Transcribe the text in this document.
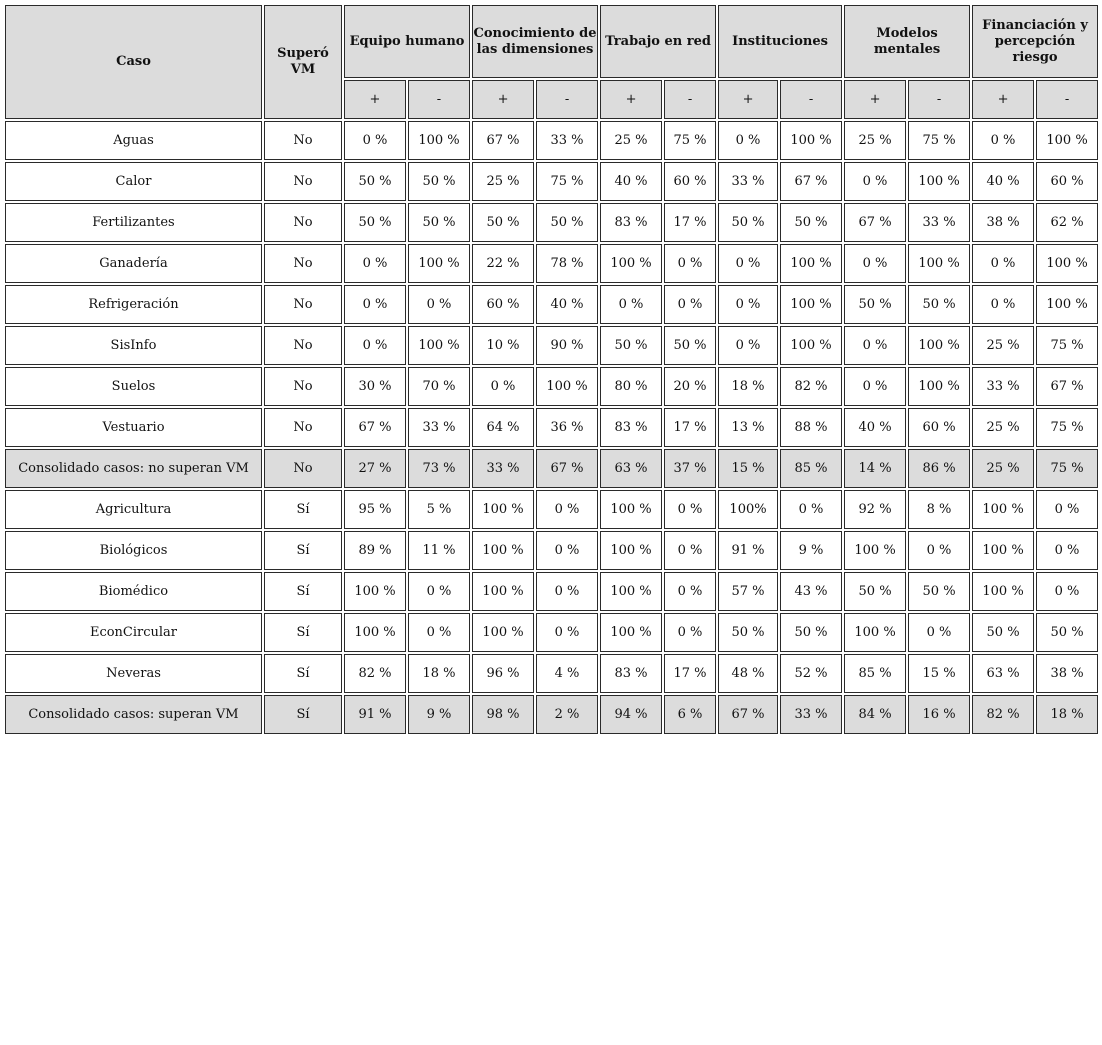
Caso	Superó VM	Equipo humano		Conocimiento de las dimensiones		Trabajo en red		Instituciones		Modelos mentales		Financiación y percepción riesgo	
		+	-	+	-	+	-	+	-	+	-	+	-
Aguas	No	0 %	100 %	67 %	33 %	25 %	75 %	0 %	100 %	25 %	75 %	0 %	100 %
Calor	No	50 %	50 %	25 %	75 %	40 %	60 %	33 %	67 %	0 %	100 %	40 %	60 %
Fertilizantes	No	50 %	50 %	50 %	50 %	83 %	17 %	50 %	50 %	67 %	33 %	38 %	62 %
Ganadería	No	0 %	100 %	22 %	78 %	100 %	0 %	0 %	100 %	0 %	100 %	0 %	100 %
Refrigeración	No	0 %	0 %	60 %	40 %	0 %	0 %	0 %	100 %	50 %	50 %	0 %	100 %
SisInfo	No	0 %	100 %	10 %	90 %	50 %	50 %	0 %	100 %	0 %	100 %	25 %	75 %
Suelos	No	30 %	70 %	0 %	100 %	80 %	20 %	18 %	82 %	0 %	100 %	33 %	67 %
Vestuario	No	67 %	33 %	64 %	36 %	83 %	17 %	13 %	88 %	40 %	60 %	25 %	75 %
Consolidado casos: no superan VM	No	27 %	73 %	33 %	67 %	63 %	37 %	15 %	85 %	14 %	86 %	25 %	75 %
Agricultura	Sí	95 %	5 %	100 %	0 %	100 %	0 %	100%	0 %	92 %	8 %	100 %	0 %
Biológicos	Sí	89 %	11 %	100 %	0 %	100 %	0 %	91 %	9 %	100 %	0 %	100 %	0 %
Biomédico	Sí	100 %	0 %	100 %	0 %	100 %	0 %	57 %	43 %	50 %	50 %	100 %	0 %
EconCircular	Sí	100 %	0 %	100 %	0 %	100 %	0 %	50 %	50 %	100 %	0 %	50 %	50 %
Neveras	Sí	82 %	18 %	96 %	4 %	83 %	17 %	48 %	52 %	85 %	15 %	63 %	38 %
Consolidado casos: superan VM	Sí	91 %	9 %	98 %	2 %	94 %	6 %	67 %	33 %	84 %	16 %	82 %	18 %
